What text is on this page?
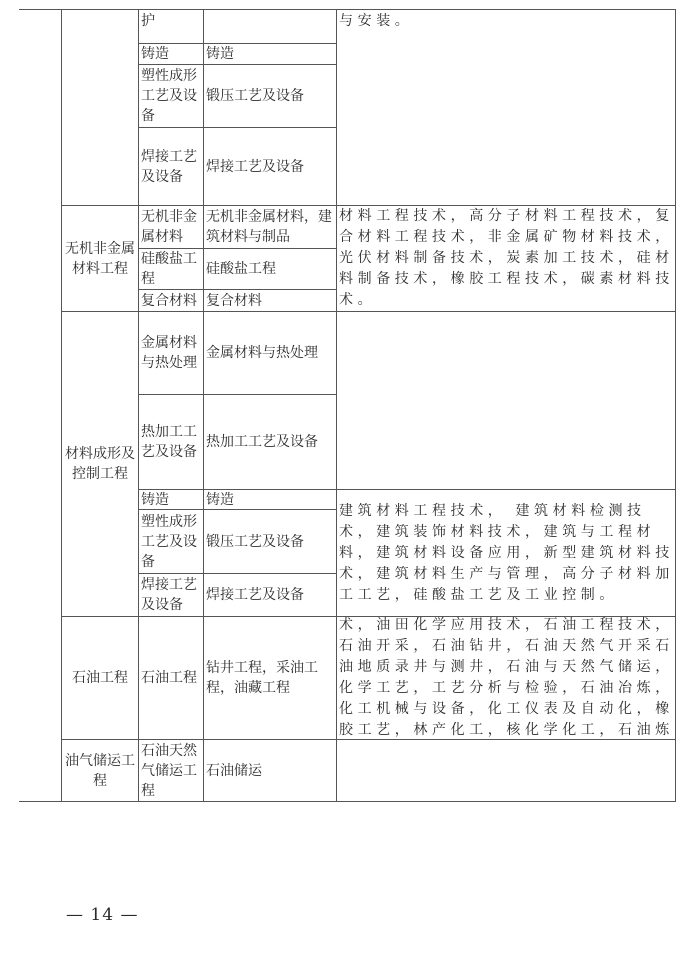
护
铸造	铸造
塑性成形工艺及设备
锻压工艺及设备
焊接工艺及设备
焊接工艺及设备
与安装。
无机非金属材料工程
无机非金属材料
无机非金属材料，建筑材料与制品
硅酸盐工程
硅酸盐工程
复合材料 复合材料
材料工程技术，高分子材料工程技术，复合材料工程技术，非金属矿物材料技术，光伏材料制备技术，炭素加工技术，硅材料制备技术，橡胶工程技术，碳素材料技术。
材料成形及控制工程
金属材料与热处理
金属材料与热处理
热加工工艺及设备
热加工工艺及设备
铸造	铸造
塑性成形工艺及设备
锻压工艺及设备
焊接工艺及设备
焊接工艺及设备
建筑材料工程技术， 建筑材料检测技术，建筑装饰材料技术，建筑与工程材料，建筑材料设备应用，新型建筑材料技术，建筑材料生产与管理，高分子材料加工工艺，硅酸盐工艺及工业控制。
石油工程 石油工程
钻井工程，采油工程，油藏工程
术，油田化学应用技术，石油工程技术，石油开采，石油钻井，石油天然气开采石油地质录井与测井，石油与天然气储运，化学工艺，工艺分析与检验，石油冶炼，化工机械与设备，化工仪表及自动化，橡胶工艺，林产化工，核化学化工，石油炼
油气储运工程
石油天然气储运工程
石油储运
— 14 —
